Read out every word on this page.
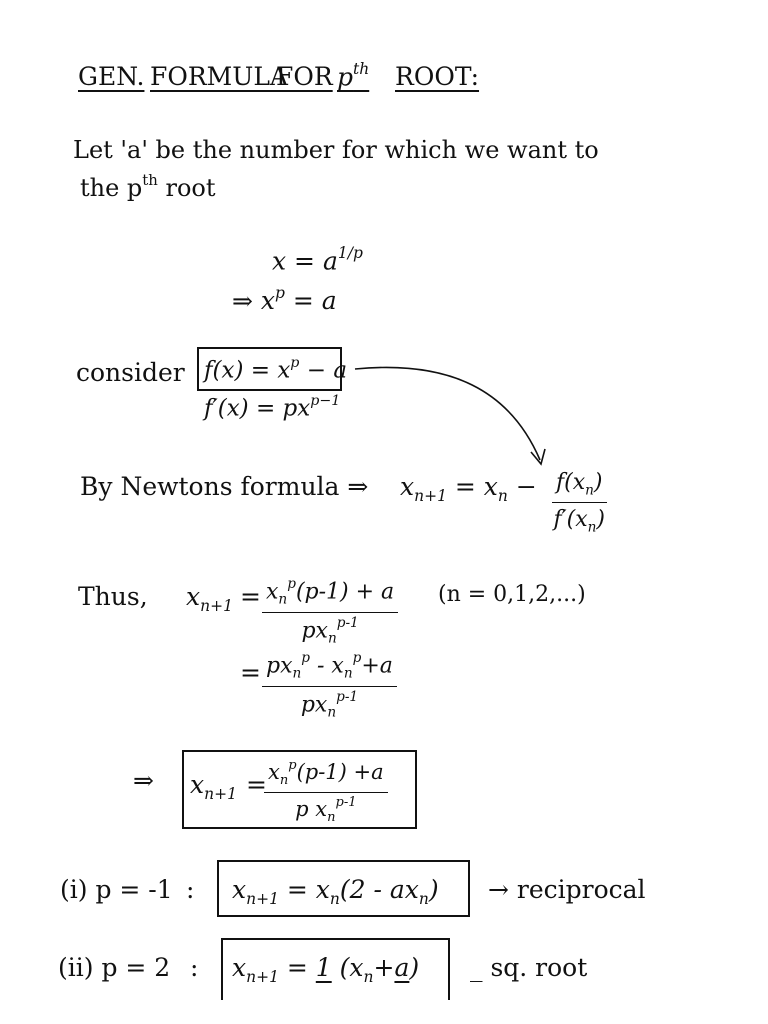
GEN. FORMULA
FOR $p^{th}$ ROOT:
Let 'a' be the number for which we want to
the $p^{th}$ root
$x = a^{1/p}$
⇒ $x^p = a$
consider $f(x) = x^p - a$
$f'(x) = px^{p-1}$
By Newtons formula ⇒ $x_{n+1} = x_n - \frac{f(x_n)}{f'(x_n)}$
Thus, $x_{n+1} = x_n^p(p-1) + a$
$px_n^{p-1}$
(n = 0,1,2,...)
= $px_n^p - x_n^p+a$
$px_n^{p-1}$
⇒ $x_{n+1} = x_n^p(p-1) +a$
p $x_n^{p-1}$
(i) p = -1 : $x_{n+1} = x_n(2 - ax_n)$ → reciprocal
(ii) p = 2 : $x_{n+1} = 1$ $(x_n+a)$ _ sq. root
